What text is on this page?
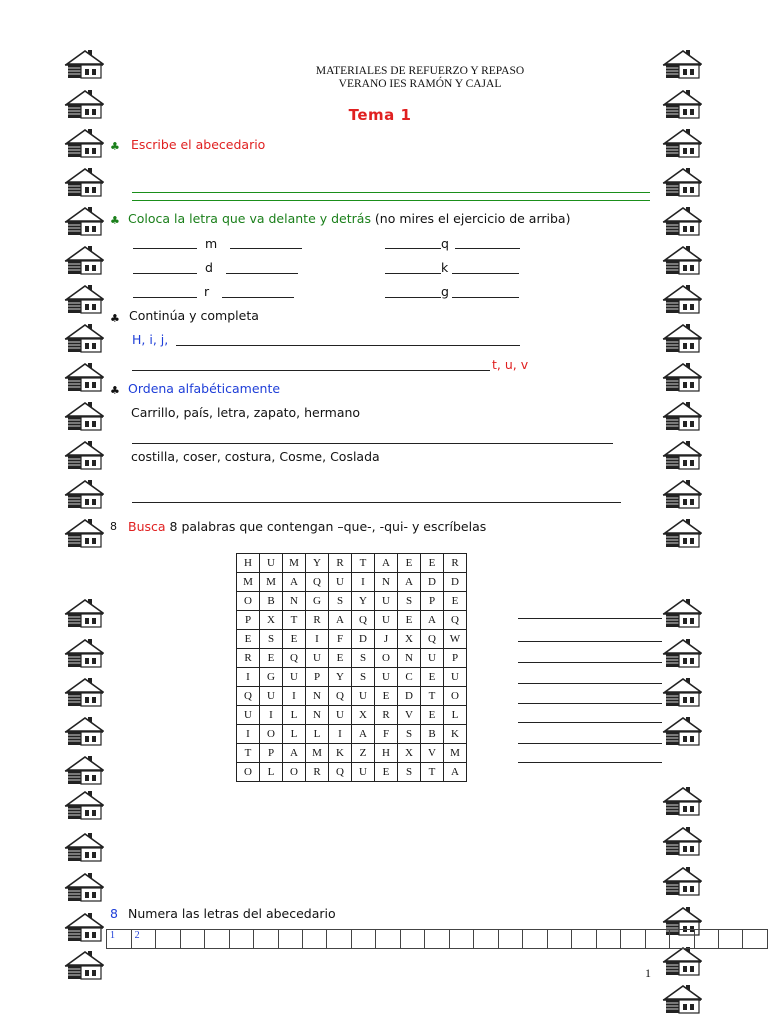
MATERIALES DE REFUERZO Y REPASO
VERANO IES RAMÓN Y CAJAL
Tema 1
♣ Escribe el abecedario
♣ Coloca la letra que va delante y detrás (no mires el ejercicio de arriba)
m	q
d	k
r	g
♣ Continúa y completa
H, i, j,
t, u, v
♣ Ordena alfabéticamente
Carrillo, país, letra, zapato, hermano
costilla, coser, costura, Cosme, Coslada
8 Busca 8 palabras que contengan –que-, -qui- y escríbelas
H	U	M	Y	R	T	A	E	E	R
M	M	A	Q	U	I	N	A	D	D
O	B	N	G	S	Y	U	S	P	E
P	X	T	R	A	Q	U	E	A	Q
E	S	E	I	F	D	J	X	Q	W
R	E	Q	U	E	S	O	N	U	P
I	G	U	P	Y	S	U	C	E	U
Q	U	I	N	Q	U	E	D	T	O
U	I	L	N	U	X	R	V	E	L
I	O	L	L	I	A	F	S	B	K
T	P	A	M	K	Z	H	X	V	M
O	L	O	R	Q	U	E	S	T	A
8 Numera las letras del abecedario
1	2																									
1
